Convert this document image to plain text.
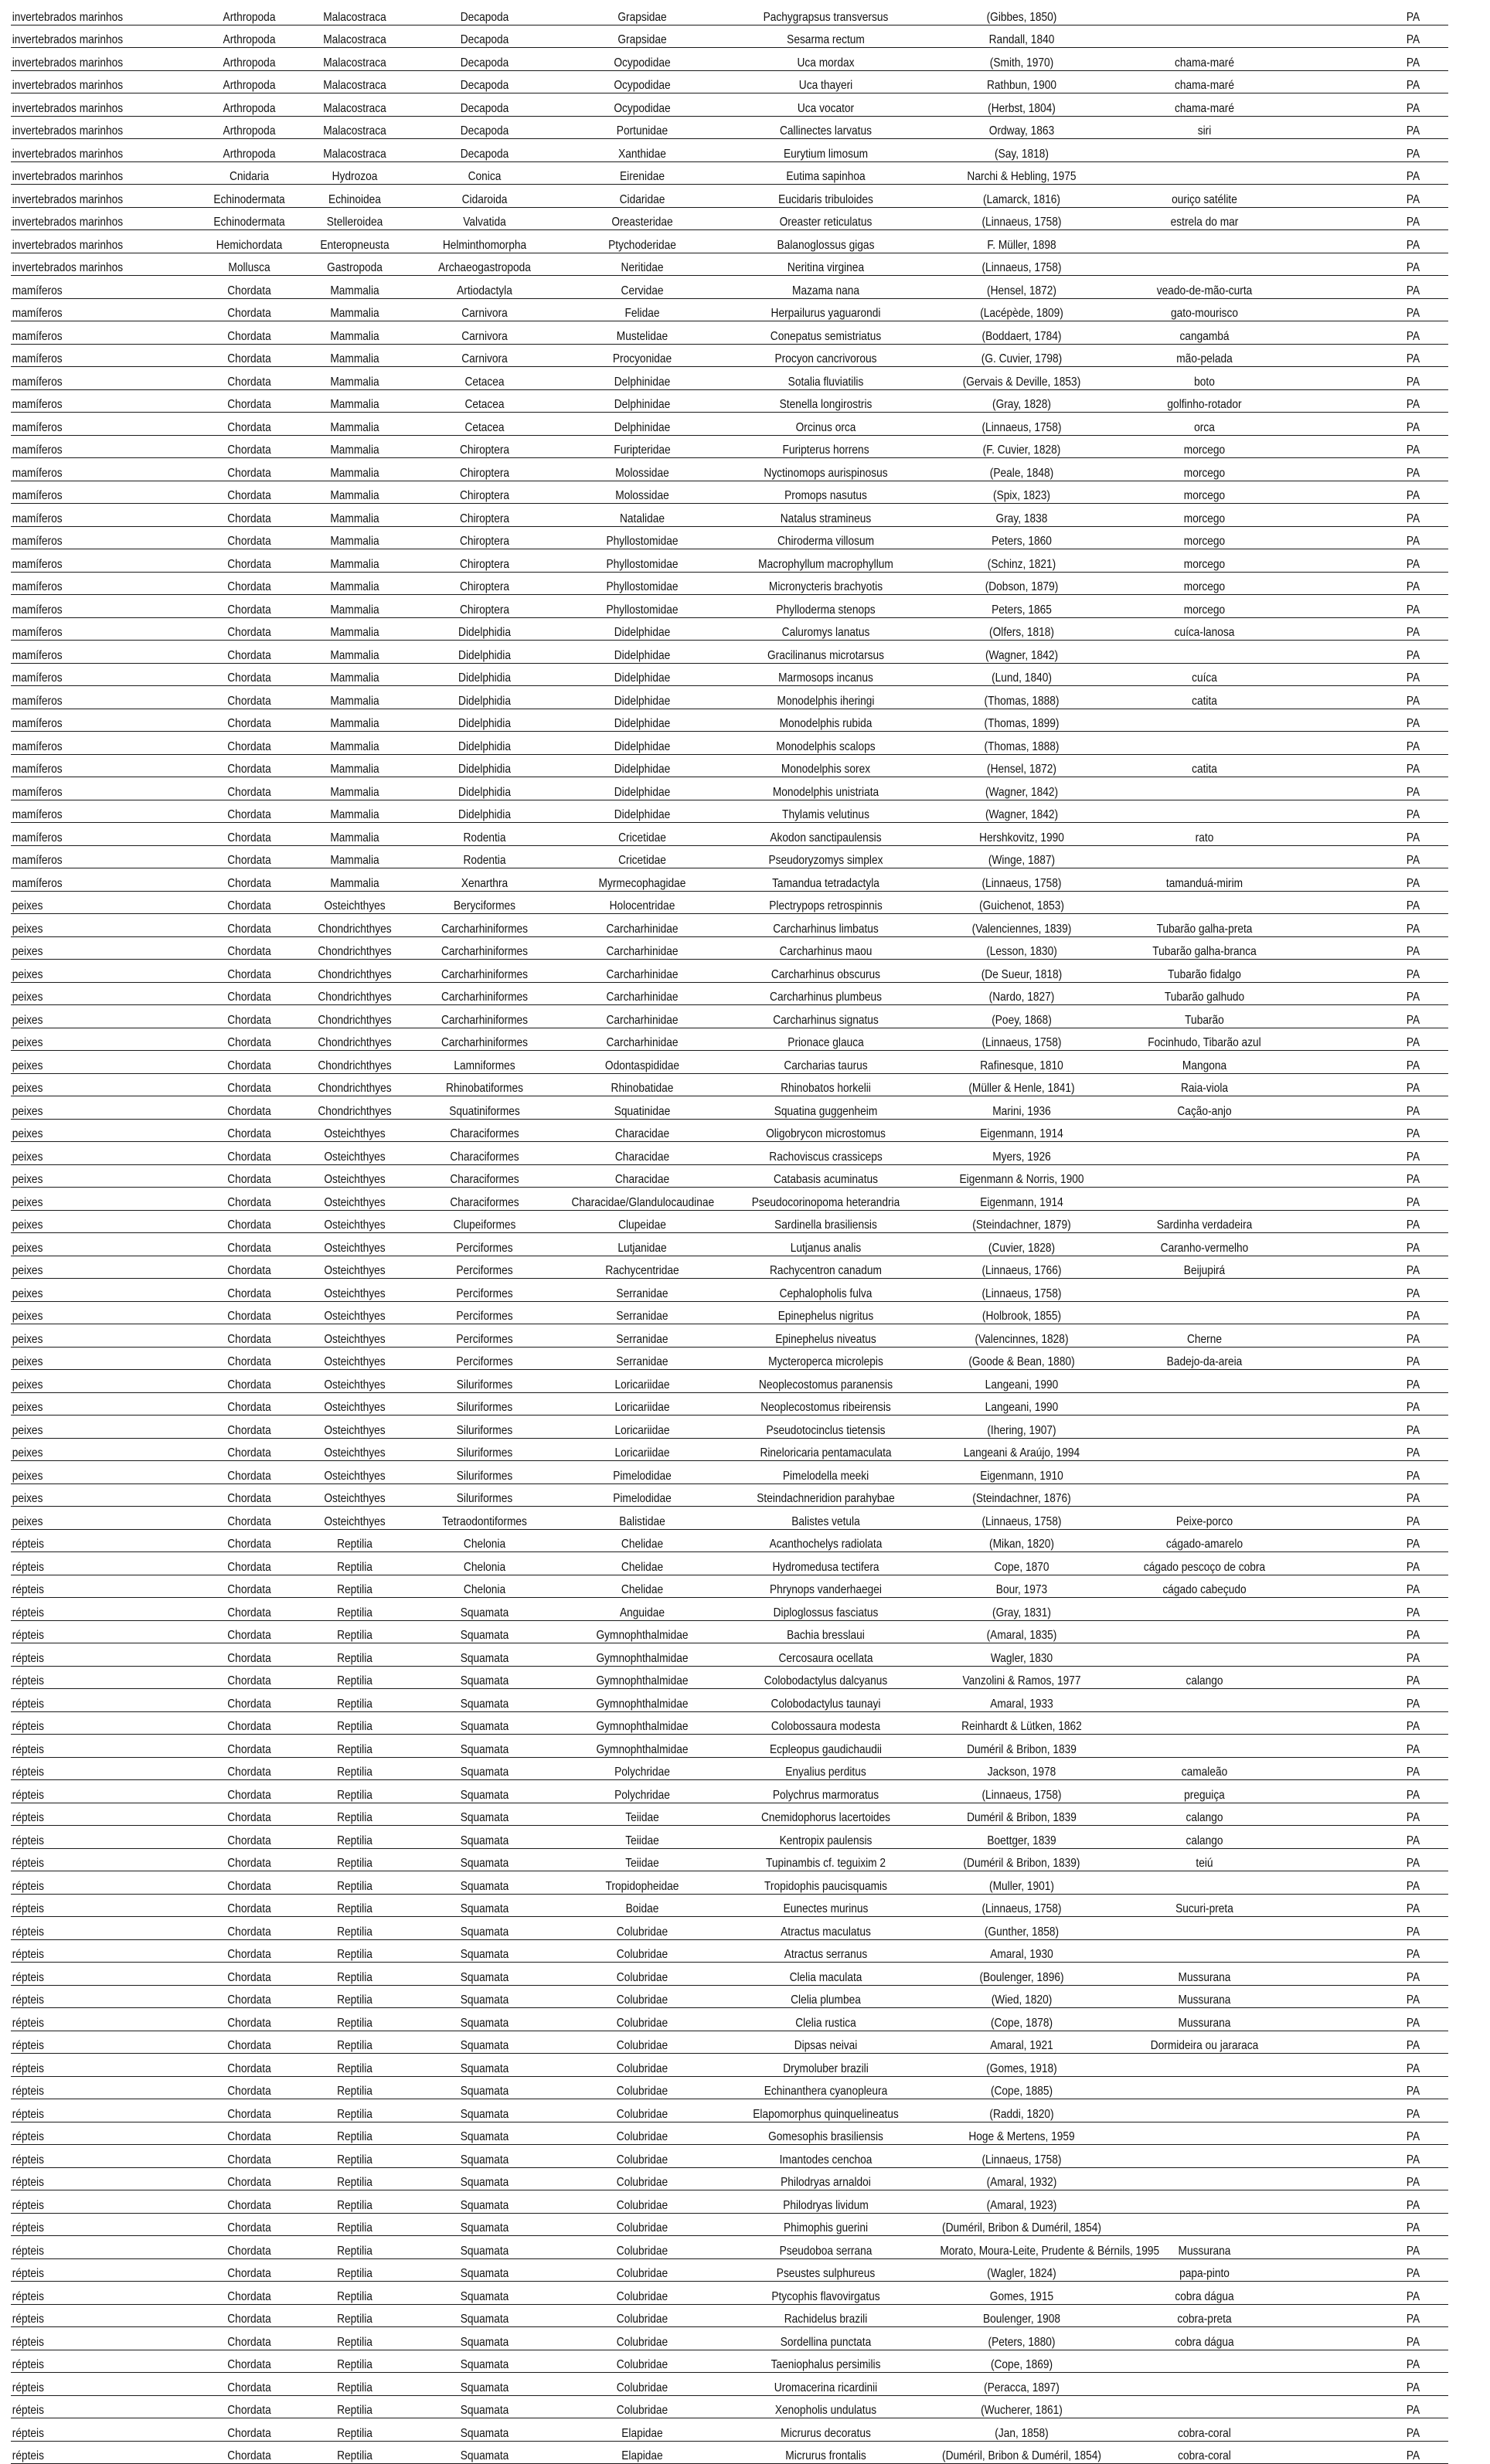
invertebrados marinhos	Arthropoda	Malacostraca	Decapoda	Grapsidae	Pachygrapsus transversus	(Gibbes, 1850)			PA
invertebrados marinhos	Arthropoda	Malacostraca	Decapoda	Grapsidae	Sesarma rectum	Randall, 1840			PA
invertebrados marinhos	Arthropoda	Malacostraca	Decapoda	Ocypodidae	Uca mordax	(Smith, 1970)	chama-maré		PA
invertebrados marinhos	Arthropoda	Malacostraca	Decapoda	Ocypodidae	Uca thayeri	Rathbun, 1900	chama-maré		PA
invertebrados marinhos	Arthropoda	Malacostraca	Decapoda	Ocypodidae	Uca vocator	(Herbst, 1804)	chama-maré		PA
invertebrados marinhos	Arthropoda	Malacostraca	Decapoda	Portunidae	Callinectes larvatus	Ordway, 1863	siri		PA
invertebrados marinhos	Arthropoda	Malacostraca	Decapoda	Xanthidae	Eurytium limosum	(Say, 1818)			PA
invertebrados marinhos	Cnidaria	Hydrozoa	Conica	Eirenidae	Eutima sapinhoa	Narchi & Hebling, 1975			PA
invertebrados marinhos	Echinodermata	Echinoidea	Cidaroida	Cidaridae	Eucidaris tribuloides	(Lamarck, 1816)	ouriço satélite		PA
invertebrados marinhos	Echinodermata	Stelleroidea	Valvatida	Oreasteridae	Oreaster reticulatus	(Linnaeus, 1758)	estrela do mar		PA
invertebrados marinhos	Hemichordata	Enteropneusta	Helminthomorpha	Ptychoderidae	Balanoglossus gigas	F. Müller, 1898			PA
invertebrados marinhos	Mollusca	Gastropoda	Archaeogastropoda	Neritidae	Neritina virginea	(Linnaeus, 1758)			PA
mamíferos	Chordata	Mammalia	Artiodactyla	Cervidae	Mazama nana	(Hensel, 1872)	veado-de-mão-curta		PA
mamíferos	Chordata	Mammalia	Carnivora	Felidae	Herpailurus yaguarondi	(Lacépède, 1809)	gato-mourisco		PA
mamíferos	Chordata	Mammalia	Carnivora	Mustelidae	Conepatus semistriatus	(Boddaert, 1784)	cangambá		PA
mamíferos	Chordata	Mammalia	Carnivora	Procyonidae	Procyon cancrivorous	(G. Cuvier, 1798)	mão-pelada		PA
mamíferos	Chordata	Mammalia	Cetacea	Delphinidae	Sotalia fluviatilis	(Gervais & Deville, 1853)	boto		PA
mamíferos	Chordata	Mammalia	Cetacea	Delphinidae	Stenella longirostris	(Gray, 1828)	golfinho-rotador		PA
mamíferos	Chordata	Mammalia	Cetacea	Delphinidae	Orcinus orca	(Linnaeus, 1758)	orca		PA
mamíferos	Chordata	Mammalia	Chiroptera	Furipteridae	Furipterus horrens	(F. Cuvier, 1828)	morcego		PA
mamíferos	Chordata	Mammalia	Chiroptera	Molossidae	Nyctinomops aurispinosus	(Peale, 1848)	morcego		PA
mamíferos	Chordata	Mammalia	Chiroptera	Molossidae	Promops nasutus	(Spix, 1823)	morcego		PA
mamíferos	Chordata	Mammalia	Chiroptera	Natalidae	Natalus stramineus	Gray, 1838	morcego		PA
mamíferos	Chordata	Mammalia	Chiroptera	Phyllostomidae	Chiroderma villosum	Peters, 1860	morcego		PA
mamíferos	Chordata	Mammalia	Chiroptera	Phyllostomidae	Macrophyllum macrophyllum	(Schinz, 1821)	morcego		PA
mamíferos	Chordata	Mammalia	Chiroptera	Phyllostomidae	Micronycteris brachyotis	(Dobson, 1879)	morcego		PA
mamíferos	Chordata	Mammalia	Chiroptera	Phyllostomidae	Phylloderma stenops	Peters, 1865	morcego		PA
mamíferos	Chordata	Mammalia	Didelphidia	Didelphidae	Caluromys lanatus	(Olfers, 1818)	cuíca-lanosa		PA
mamíferos	Chordata	Mammalia	Didelphidia	Didelphidae	Gracilinanus microtarsus	(Wagner, 1842)			PA
mamíferos	Chordata	Mammalia	Didelphidia	Didelphidae	Marmosops incanus	(Lund, 1840)	cuíca		PA
mamíferos	Chordata	Mammalia	Didelphidia	Didelphidae	Monodelphis iheringi	(Thomas, 1888)	catita		PA
mamíferos	Chordata	Mammalia	Didelphidia	Didelphidae	Monodelphis rubida	(Thomas, 1899)			PA
mamíferos	Chordata	Mammalia	Didelphidia	Didelphidae	Monodelphis scalops	(Thomas, 1888)			PA
mamíferos	Chordata	Mammalia	Didelphidia	Didelphidae	Monodelphis sorex	(Hensel, 1872)	catita		PA
mamíferos	Chordata	Mammalia	Didelphidia	Didelphidae	Monodelphis unistriata	(Wagner, 1842)			PA
mamíferos	Chordata	Mammalia	Didelphidia	Didelphidae	Thylamis velutinus	(Wagner, 1842)			PA
mamíferos	Chordata	Mammalia	Rodentia	Cricetidae	Akodon sanctipaulensis	Hershkovitz, 1990	rato		PA
mamíferos	Chordata	Mammalia	Rodentia	Cricetidae	Pseudoryzomys simplex	(Winge, 1887)			PA
mamíferos	Chordata	Mammalia	Xenarthra	Myrmecophagidae	Tamandua tetradactyla	(Linnaeus, 1758)	tamanduá-mirim		PA
peixes	Chordata	Osteichthyes	Beryciformes	Holocentridae	Plectrypops retrospinnis	(Guichenot, 1853)			PA
peixes	Chordata	Chondrichthyes	Carcharhiniformes	Carcharhinidae	Carcharhinus limbatus	(Valenciennes, 1839)	Tubarão galha-preta		PA
peixes	Chordata	Chondrichthyes	Carcharhiniformes	Carcharhinidae	Carcharhinus maou	(Lesson, 1830)	Tubarão galha-branca		PA
peixes	Chordata	Chondrichthyes	Carcharhiniformes	Carcharhinidae	Carcharhinus obscurus	(De Sueur, 1818)	Tubarão fidalgo		PA
peixes	Chordata	Chondrichthyes	Carcharhiniformes	Carcharhinidae	Carcharhinus plumbeus	(Nardo, 1827)	Tubarão galhudo		PA
peixes	Chordata	Chondrichthyes	Carcharhiniformes	Carcharhinidae	Carcharhinus signatus	(Poey, 1868)	Tubarão		PA
peixes	Chordata	Chondrichthyes	Carcharhiniformes	Carcharhinidae	Prionace glauca	(Linnaeus, 1758)	Focinhudo, Tibarão azul		PA
peixes	Chordata	Chondrichthyes	Lamniformes	Odontaspididae	Carcharias taurus	Rafinesque, 1810	Mangona		PA
peixes	Chordata	Chondrichthyes	Rhinobatiformes	Rhinobatidae	Rhinobatos horkelii	(Müller & Henle, 1841)	Raia-viola		PA
peixes	Chordata	Chondrichthyes	Squatiniformes	Squatinidae	Squatina guggenheim	Marini, 1936	Cação-anjo		PA
peixes	Chordata	Osteichthyes	Characiformes	Characidae	Oligobrycon microstomus	Eigenmann, 1914			PA
peixes	Chordata	Osteichthyes	Characiformes	Characidae	Rachoviscus crassiceps	Myers, 1926			PA
peixes	Chordata	Osteichthyes	Characiformes	Characidae	Catabasis acuminatus	Eigenmann & Norris, 1900			PA
peixes	Chordata	Osteichthyes	Characiformes	Characidae/Glandulocaudinae	Pseudocorinopoma heterandria	Eigenmann, 1914			PA
peixes	Chordata	Osteichthyes	Clupeiformes	Clupeidae	Sardinella brasiliensis	(Steindachner, 1879)	Sardinha verdadeira		PA
peixes	Chordata	Osteichthyes	Perciformes	Lutjanidae	Lutjanus analis	(Cuvier, 1828)	Caranho-vermelho		PA
peixes	Chordata	Osteichthyes	Perciformes	Rachycentridae	Rachycentron canadum	(Linnaeus, 1766)	Beijupirá		PA
peixes	Chordata	Osteichthyes	Perciformes	Serranidae	Cephalopholis fulva	(Linnaeus, 1758)			PA
peixes	Chordata	Osteichthyes	Perciformes	Serranidae	Epinephelus nigritus	(Holbrook, 1855)			PA
peixes	Chordata	Osteichthyes	Perciformes	Serranidae	Epinephelus niveatus	(Valencinnes, 1828)	Cherne		PA
peixes	Chordata	Osteichthyes	Perciformes	Serranidae	Mycteroperca microlepis	(Goode & Bean, 1880)	Badejo-da-areia		PA
peixes	Chordata	Osteichthyes	Siluriformes	Loricariidae	Neoplecostomus paranensis	Langeani, 1990			PA
peixes	Chordata	Osteichthyes	Siluriformes	Loricariidae	Neoplecostomus ribeirensis	Langeani, 1990			PA
peixes	Chordata	Osteichthyes	Siluriformes	Loricariidae	Pseudotocinclus tietensis	(Ihering, 1907)			PA
peixes	Chordata	Osteichthyes	Siluriformes	Loricariidae	Rineloricaria pentamaculata	Langeani & Araújo, 1994			PA
peixes	Chordata	Osteichthyes	Siluriformes	Pimelodidae	Pimelodella meeki	Eigenmann, 1910			PA
peixes	Chordata	Osteichthyes	Siluriformes	Pimelodidae	Steindachneridion parahybae	(Steindachner, 1876)			PA
peixes	Chordata	Osteichthyes	Tetraodontiformes	Balistidae	Balistes vetula	(Linnaeus, 1758)	Peixe-porco		PA
répteis	Chordata	Reptilia	Chelonia	Chelidae	Acanthochelys radiolata	(Mikan, 1820)	cágado-amarelo		PA
répteis	Chordata	Reptilia	Chelonia	Chelidae	Hydromedusa tectifera	Cope, 1870	cágado pescoço de cobra		PA
répteis	Chordata	Reptilia	Chelonia	Chelidae	Phrynops vanderhaegei	Bour, 1973	cágado cabeçudo		PA
répteis	Chordata	Reptilia	Squamata	Anguidae	Diploglossus fasciatus	(Gray, 1831)			PA
répteis	Chordata	Reptilia	Squamata	Gymnophthalmidae	Bachia bresslaui	(Amaral, 1835)			PA
répteis	Chordata	Reptilia	Squamata	Gymnophthalmidae	Cercosaura ocellata	Wagler, 1830			PA
répteis	Chordata	Reptilia	Squamata	Gymnophthalmidae	Colobodactylus dalcyanus	Vanzolini & Ramos, 1977	calango		PA
répteis	Chordata	Reptilia	Squamata	Gymnophthalmidae	Colobodactylus taunayi	Amaral, 1933			PA
répteis	Chordata	Reptilia	Squamata	Gymnophthalmidae	Colobossaura modesta	Reinhardt & Lütken, 1862			PA
répteis	Chordata	Reptilia	Squamata	Gymnophthalmidae	Ecpleopus gaudichaudii	Duméril & Bribon, 1839			PA
répteis	Chordata	Reptilia	Squamata	Polychridae	Enyalius perditus	Jackson, 1978	camaleão		PA
répteis	Chordata	Reptilia	Squamata	Polychridae	Polychrus marmoratus	(Linnaeus, 1758)	preguiça		PA
répteis	Chordata	Reptilia	Squamata	Teiidae	Cnemidophorus lacertoides	Duméril & Bribon, 1839	calango		PA
répteis	Chordata	Reptilia	Squamata	Teiidae	Kentropix paulensis	Boettger, 1839	calango		PA
répteis	Chordata	Reptilia	Squamata	Teiidae	Tupinambis cf. teguixim 2	(Duméril & Bribon, 1839)	teiú		PA
répteis	Chordata	Reptilia	Squamata	Tropidopheidae	Tropidophis paucisquamis	(Muller, 1901)			PA
répteis	Chordata	Reptilia	Squamata	Boidae	Eunectes murinus	(Linnaeus, 1758)	Sucuri-preta		PA
répteis	Chordata	Reptilia	Squamata	Colubridae	Atractus maculatus	(Gunther, 1858)			PA
répteis	Chordata	Reptilia	Squamata	Colubridae	Atractus serranus	Amaral, 1930			PA
répteis	Chordata	Reptilia	Squamata	Colubridae	Clelia maculata	(Boulenger, 1896)	Mussurana		PA
répteis	Chordata	Reptilia	Squamata	Colubridae	Clelia plumbea	(Wied, 1820)	Mussurana		PA
répteis	Chordata	Reptilia	Squamata	Colubridae	Clelia rustica	(Cope, 1878)	Mussurana		PA
répteis	Chordata	Reptilia	Squamata	Colubridae	Dipsas neivai	Amaral, 1921	Dormideira ou jararaca		PA
répteis	Chordata	Reptilia	Squamata	Colubridae	Drymoluber brazili	(Gomes, 1918)			PA
répteis	Chordata	Reptilia	Squamata	Colubridae	Echinanthera cyanopleura	(Cope, 1885)			PA
répteis	Chordata	Reptilia	Squamata	Colubridae	Elapomorphus quinquelineatus	(Raddi, 1820)			PA
répteis	Chordata	Reptilia	Squamata	Colubridae	Gomesophis brasiliensis	Hoge & Mertens, 1959			PA
répteis	Chordata	Reptilia	Squamata	Colubridae	Imantodes cenchoa	(Linnaeus, 1758)			PA
répteis	Chordata	Reptilia	Squamata	Colubridae	Philodryas arnaldoi	(Amaral, 1932)			PA
répteis	Chordata	Reptilia	Squamata	Colubridae	Philodryas lividum	(Amaral, 1923)			PA
répteis	Chordata	Reptilia	Squamata	Colubridae	Phimophis guerini	(Duméril, Bribon & Duméril, 1854)			PA
répteis	Chordata	Reptilia	Squamata	Colubridae	Pseudoboa serrana	Morato, Moura-Leite, Prudente & Bérnils, 1995	Mussurana		PA
répteis	Chordata	Reptilia	Squamata	Colubridae	Pseustes sulphureus	(Wagler, 1824)	papa-pinto		PA
répteis	Chordata	Reptilia	Squamata	Colubridae	Ptycophis flavovirgatus	Gomes, 1915	cobra dágua		PA
répteis	Chordata	Reptilia	Squamata	Colubridae	Rachidelus brazili	Boulenger, 1908	cobra-preta		PA
répteis	Chordata	Reptilia	Squamata	Colubridae	Sordellina punctata	(Peters, 1880)	cobra dágua		PA
répteis	Chordata	Reptilia	Squamata	Colubridae	Taeniophalus persimilis	(Cope, 1869)			PA
répteis	Chordata	Reptilia	Squamata	Colubridae	Uromacerina ricardinii	(Peracca, 1897)			PA
répteis	Chordata	Reptilia	Squamata	Colubridae	Xenopholis undulatus	(Wucherer, 1861)			PA
répteis	Chordata	Reptilia	Squamata	Elapidae	Micrurus decoratus	(Jan, 1858)	cobra-coral		PA
répteis	Chordata	Reptilia	Squamata	Elapidae	Micrurus frontalis	(Duméril, Bribon & Duméril, 1854)	cobra-coral		PA
